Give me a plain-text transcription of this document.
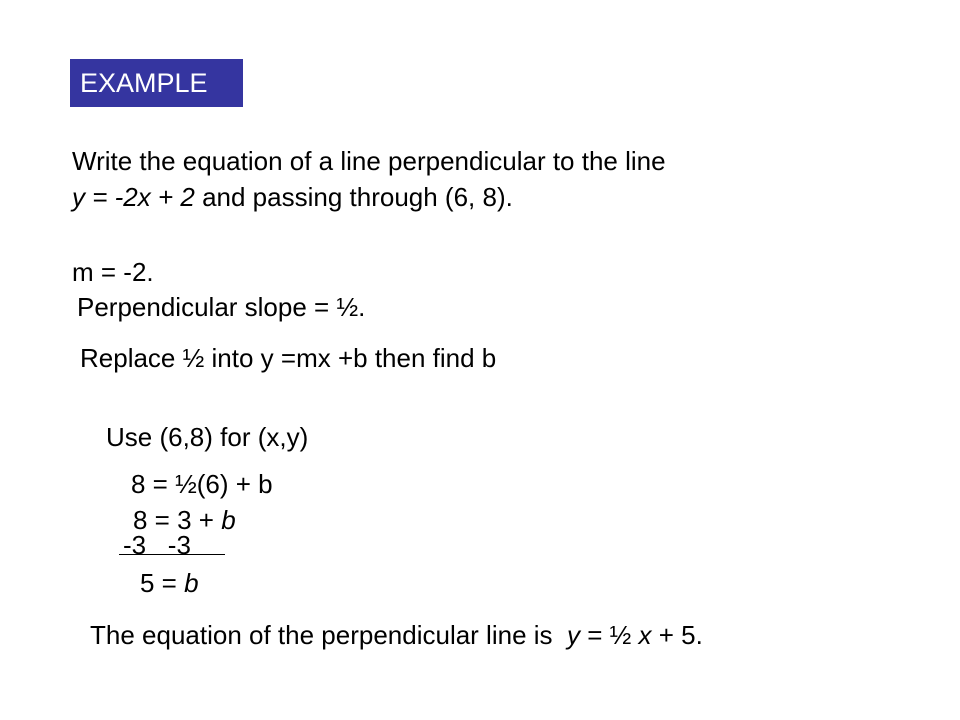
EXAMPLE
Write the equation of a line perpendicular to the line
y = -2x + 2 and passing through (6, 8).
m = -2.
Perpendicular slope = ½.
Replace ½ into y =mx +b then find b
Use (6,8) for (x,y)
8 = ½(6) + b
8 = 3 + b
-3   -3
5 = b
The equation of the perpendicular line is  y = ½ x + 5.
